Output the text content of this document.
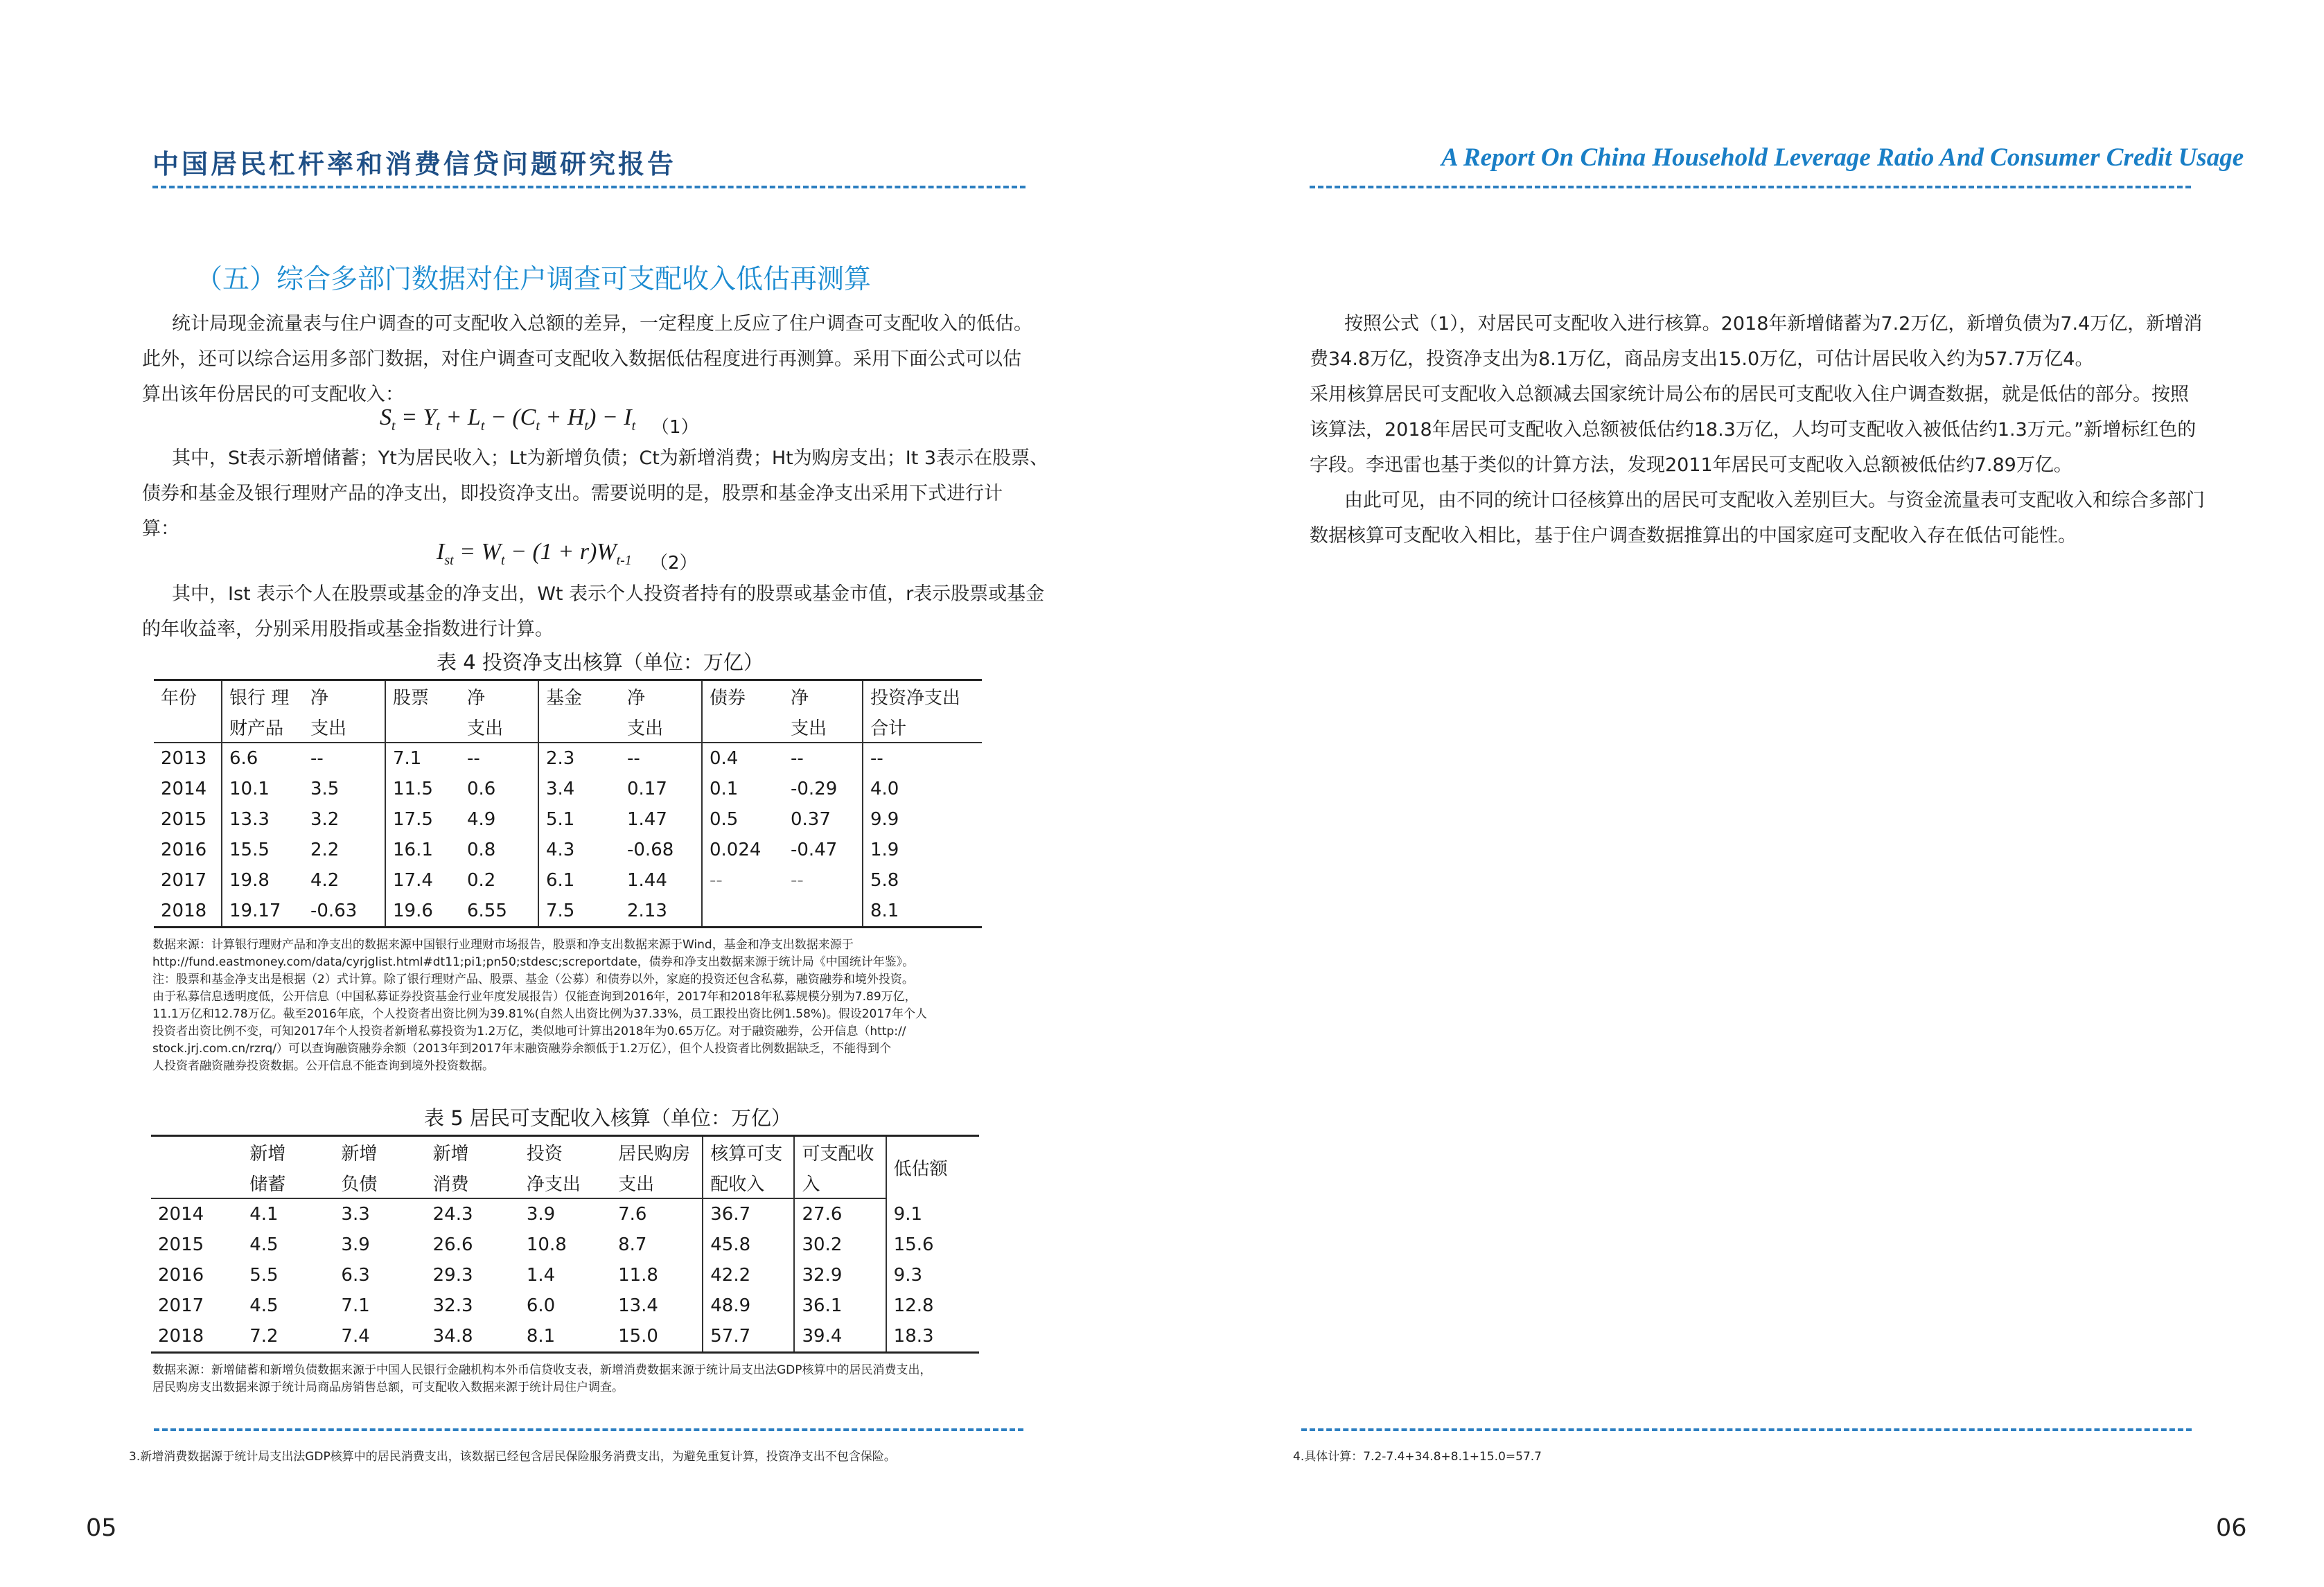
中国居民杠杆率和消费信贷问题研究报告	A Report On China Household Leverage Ratio And Consumer Credit Usage
（五）综合多部门数据对住户调查可支配收入低估再测算
统计局现金流量表与住户调查的可支配收入总额的差异，一定程度上反应了住户调查可支配收入的低估。
此外，还可以综合运用多部门数据，对住户调查可支配收入数据低估程度进行再测算。采用下面公式可以估
算出该年份居民的可支配收入：
$S_t = Y_t + L_t - (C_t + H_t) - I_t$ （1）
其中，St表示新增储蓄；Yt为居民收入；Lt为新增负债；Ct为新增消费；Ht为购房支出；It 3表示在股票、
债券和基金及银行理财产品的净支出，即投资净支出。需要说明的是，股票和基金净支出采用下式进行计
算：
$I_{st} = W_t - (1 + r)W_{t-1}$ （2）
其中，Ist 表示个人在股票或基金的净支出，Wt 表示个人投资者持有的股票或基金市值，r表示股票或基金
的年收益率，分别采用股指或基金指数进行计算。
表 4 投资净支出核算（单位：万亿）
年份	银行 理	净	股票	净	基金	净	债券	净	投资净支出
	财产品	支出		支出		支出		支出	合计
2013	6.6	--	7.1	--	2.3	--	0.4	--	--
2014	10.1	3.5	11.5	0.6	3.4	0.17	0.1	-0.29	4.0
2015	13.3	3.2	17.5	4.9	5.1	1.47	0.5	0.37	9.9
2016	15.5	2.2	16.1	0.8	4.3	-0.68	0.024	-0.47	1.9
2017	19.8	4.2	17.4	0.2	6.1	1.44	--	--	5.8
2018	19.17	-0.63	19.6	6.55	7.5	2.13			8.1
数据来源：计算银行理财产品和净支出的数据来源中国银行业理财市场报告，股票和净支出数据来源于Wind，基金和净支出数据来源于
http://fund.eastmoney.com/data/cyrjglist.html#dt11;pi1;pn50;stdesc;screportdate，债券和净支出数据来源于统计局《中国统计年鉴》。
注：股票和基金净支出是根据（2）式计算。除了银行理财产品、股票、基金（公募）和债券以外，家庭的投资还包含私募，融资融券和境外投资。
由于私募信息透明度低，公开信息（中国私募证券投资基金行业年度发展报告）仅能查询到2016年，2017年和2018年私募规模分别为7.89万亿，
11.1万亿和12.78万亿。截至2016年底，个人投资者出资比例为39.81%(自然人出资比例为37.33%，员工跟投出资比例1.58%)。假设2017年个人
投资者出资比例不变，可知2017年个人投资者新增私募投资为1.2万亿，类似地可计算出2018年为0.65万亿。对于融资融券，公开信息（http://
stock.jrj.com.cn/rzrq/）可以查询融资融券余额（2013年到2017年末融资融券余额低于1.2万亿），但个人投资者比例数据缺乏，不能得到个
人投资者融资融券投资数据。公开信息不能查询到境外投资数据。
表 5 居民可支配收入核算（单位：万亿）
	新增	新增	新增	投资	居民购房	核算可支	可支配收	低估额
	储蓄	负债	消费	净支出	支出	配收入	入	
2014	4.1	3.3	24.3	3.9	7.6	36.7	27.6	9.1
2015	4.5	3.9	26.6	10.8	8.7	45.8	30.2	15.6
2016	5.5	6.3	29.3	1.4	11.8	42.2	32.9	9.3
2017	4.5	7.1	32.3	6.0	13.4	48.9	36.1	12.8
2018	7.2	7.4	34.8	8.1	15.0	57.7	39.4	18.3
数据来源：新增储蓄和新增负债数据来源于中国人民银行金融机构本外币信贷收支表，新增消费数据来源于统计局支出法GDP核算中的居民消费支出，
居民购房支出数据来源于统计局商品房销售总额，可支配收入数据来源于统计局住户调查。
3.新增消费数据源于统计局支出法GDP核算中的居民消费支出，该数据已经包含居民保险服务消费支出，为避免重复计算，投资净支出不包含保险。
05
按照公式（1），对居民可支配收入进行核算。2018年新增储蓄为7.2万亿，新增负债为7.4万亿，新增消
费34.8万亿，投资净支出为8.1万亿，商品房支出15.0万亿，可估计居民收入约为57.7万亿4。
采用核算居民可支配收入总额减去国家统计局公布的居民可支配收入住户调查数据，就是低估的部分。按照
该算法，2018年居民可支配收入总额被低估约18.3万亿，人均可支配收入被低估约1.3万元。”新增标红色的
字段。李迅雷也基于类似的计算方法，发现2011年居民可支配收入总额被低估约7.89万亿。
由此可见，由不同的统计口径核算出的居民可支配收入差别巨大。与资金流量表可支配收入和综合多部门
数据核算可支配收入相比，基于住户调查数据推算出的中国家庭可支配收入存在低估可能性。
4.具体计算：7.2-7.4+34.8+8.1+15.0=57.7
06
